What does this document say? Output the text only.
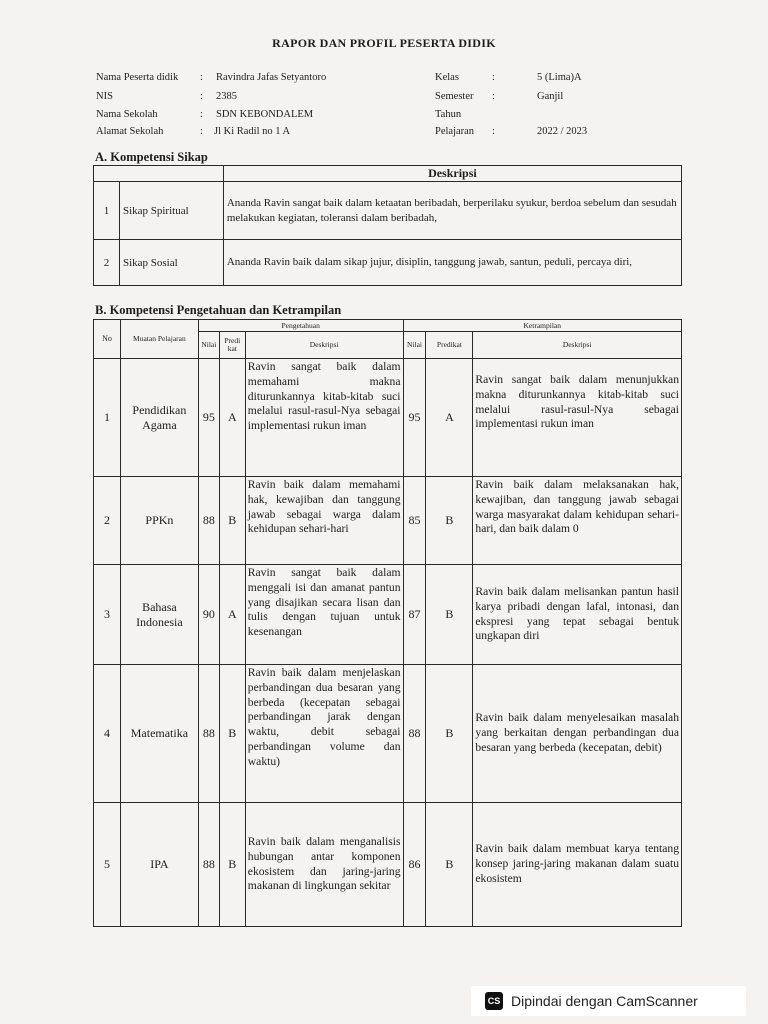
RAPOR DAN PROFIL PESERTA DIDIK
Nama Peserta didik : Ravindra Jafas Setyantoro
NIS	: 2385
Nama Sekolah	: SDN KEBONDALEM
Alamat Sekolah	: Jl Ki Radil no 1 A
Kelas	:	5 (Lima)A
Semester :	Ganjil
Tahun
Pelajaran :	2022 / 2023
A. Kompetensi Sikap
		Deskripsi
1	Sikap Spiritual	Ananda Ravin sangat baik dalam ketaatan beribadah, berperilaku syukur, berdoa sebelum dan sesudah melakukan kegiatan, toleransi dalam beribadah,
2	Sikap Sosial	Ananda Ravin baik dalam sikap jujur, disiplin, tanggung jawab, santun, peduli, percaya diri,
B. Kompetensi Pengetahuan dan Ketrampilan
No	Muatan Pelajaran	Pengetahuan			Ketrampilan		
		Nilai	Predi kat	Deskripsi	Nilai	Predikat	Deskripsi
1	Pendidikan Agama	95	A	Ravin sangat baik dalam memahami makna diturunkannya kitab-kitab suci melalui rasul-rasul-Nya sebagai implementasi rukun iman	95	A	Ravin sangat baik dalam menunjukkan makna diturunkannya kitab-kitab suci melalui rasul-rasul-Nya sebagai implementasi rukun iman
2	PPKn	88	B	Ravin baik dalam memahami hak, kewajiban dan tanggung jawab sebagai warga dalam kehidupan sehari-hari	85	B	Ravin baik dalam melaksanakan hak, kewajiban, dan tanggung jawab sebagai warga masyarakat dalam kehidupan sehari-hari, dan baik dalam 0
3	Bahasa Indonesia	90	A	Ravin sangat baik dalam menggali isi dan amanat pantun yang disajikan secara lisan dan tulis dengan tujuan untuk kesenangan	87	B	Ravin baik dalam melisankan pantun hasil karya pribadi dengan lafal, intonasi, dan ekspresi yang tepat sebagai bentuk ungkapan diri
4	Matematika	88	B	Ravin baik dalam menjelaskan perbandingan dua besaran yang berbeda (kecepatan sebagai perbandingan jarak dengan waktu, debit sebagai perbandingan volume dan waktu)	88	B	Ravin baik dalam menyelesaikan masalah yang berkaitan dengan perbandingan dua besaran yang berbeda (kecepatan, debit)
5	IPA	88	B	Ravin baik dalam menganalisis hubungan antar komponen ekosistem dan jaring-jaring makanan di lingkungan sekitar	86	B	Ravin baik dalam membuat karya tentang konsep jaring-jaring makanan dalam suatu ekosistem
CS Dipindai dengan CamScanner
